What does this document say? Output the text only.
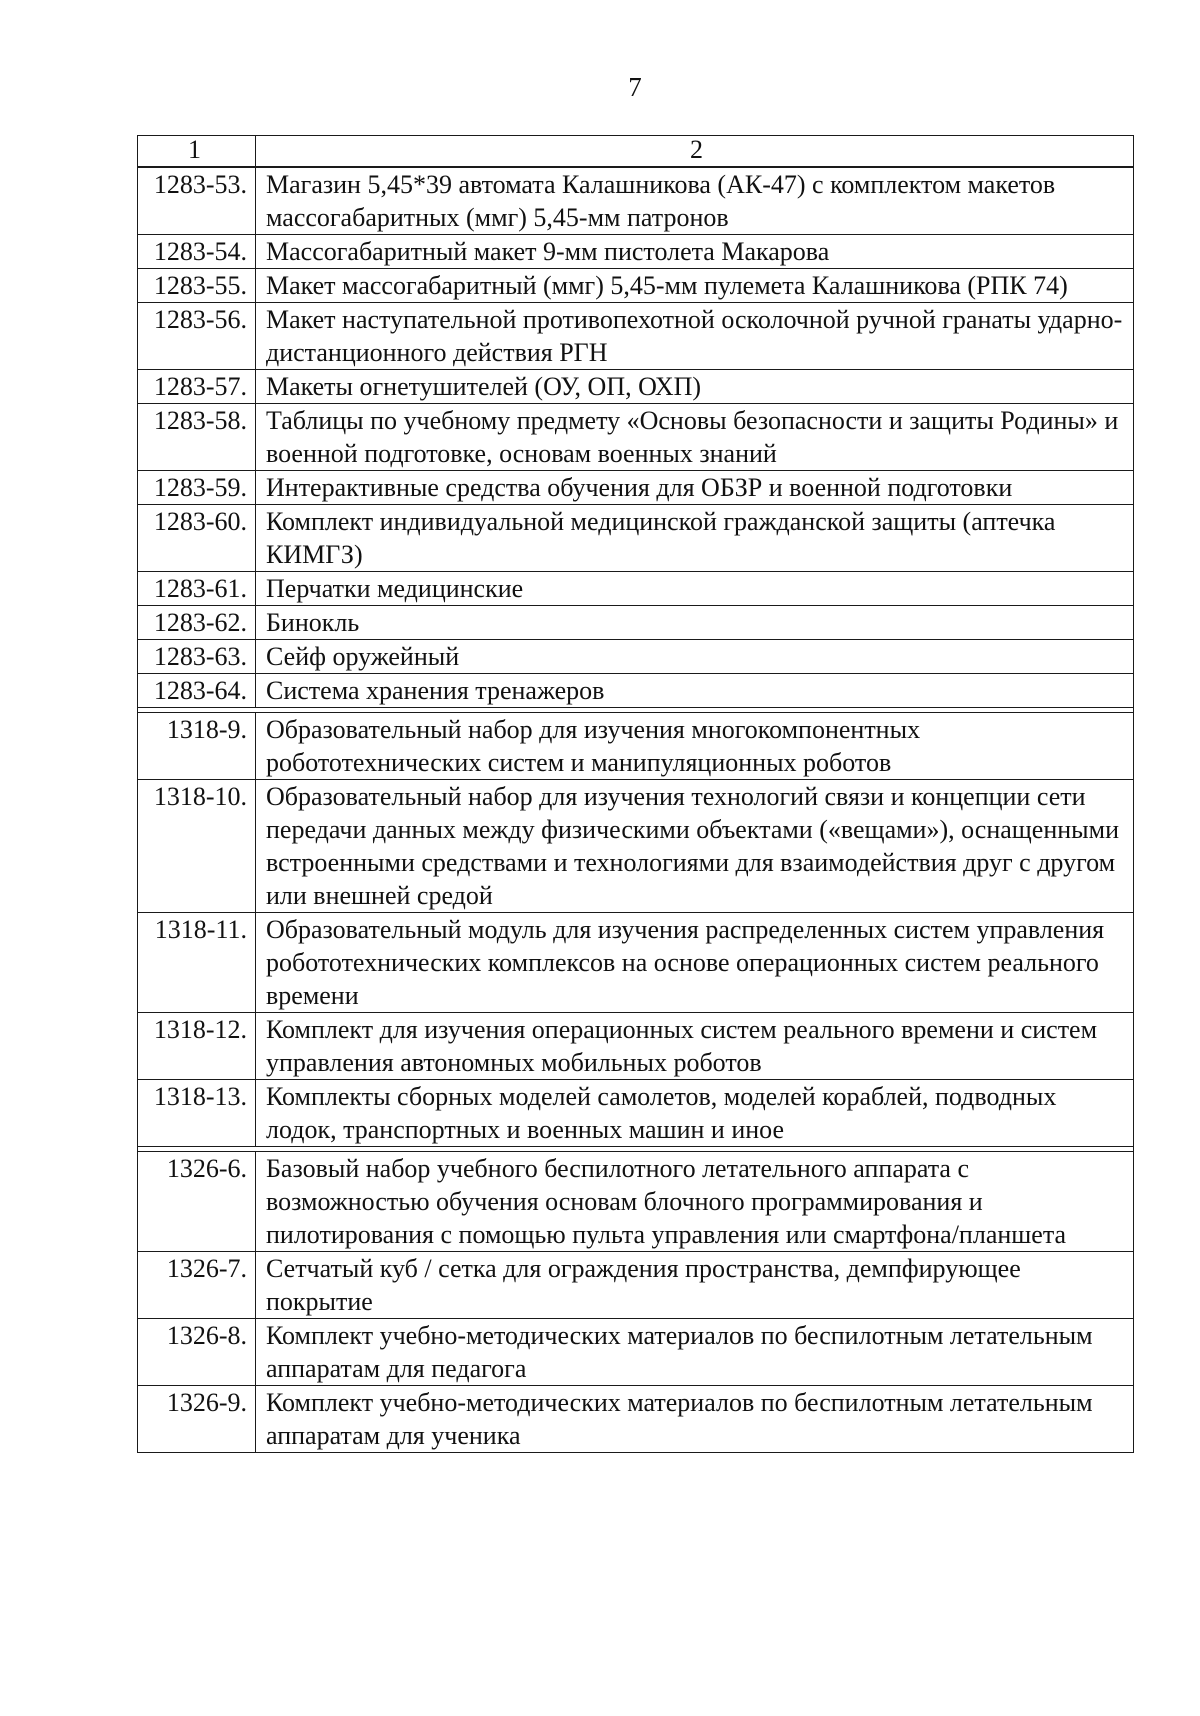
7
1	2
1283-53.	Магазин 5,45*39 автомата Калашникова (АК-47) с комплектом макетов массогабаритных (ммг) 5,45-мм патронов
1283-54.	Массогабаритный макет 9-мм пистолета Макарова
1283-55.	Макет массогабаритный (ммг) 5,45-мм пулемета Калашникова (РПК 74)
1283-56.	Макет наступательной противопехотной осколочной ручной гранаты ударно-дистанционного действия РГН
1283-57.	Макеты огнетушителей (ОУ, ОП, ОХП)
1283-58.	Таблицы по учебному предмету «Основы безопасности и защиты Родины» и военной подготовке, основам военных знаний
1283-59.	Интерактивные средства обучения для ОБЗР и военной подготовки
1283-60.	Комплект индивидуальной медицинской гражданской защиты (аптечка КИМГЗ)
1283-61.	Перчатки медицинские
1283-62.	Бинокль
1283-63.	Сейф оружейный
1283-64.	Система хранения тренажеров
1318-9.	Образовательный набор для изучения многокомпонентных робототехнических систем и манипуляционных роботов
1318-10.	Образовательный набор для изучения технологий связи и концепции сети передачи данных между физическими объектами («вещами»), оснащенными встроенными средствами и технологиями для взаимодействия друг с другом или внешней средой
1318-11.	Образовательный модуль для изучения распределенных систем управления робототехнических комплексов на основе операционных систем реального времени
1318-12.	Комплект для изучения операционных систем реального времени и систем управления автономных мобильных роботов
1318-13.	Комплекты сборных моделей самолетов, моделей кораблей, подводных лодок, транспортных и военных машин и иное
1326-6.	Базовый набор учебного беспилотного летательного аппарата с возможностью обучения основам блочного программирования и пилотирования с помощью пульта управления или смартфона/планшета
1326-7.	Сетчатый куб / сетка для ограждения пространства, демпфирующее покрытие
1326-8.	Комплект учебно-методических материалов по беспилотным летательным аппаратам для педагога
1326-9.	Комплект учебно-методических материалов по беспилотным летательным аппаратам для ученика
